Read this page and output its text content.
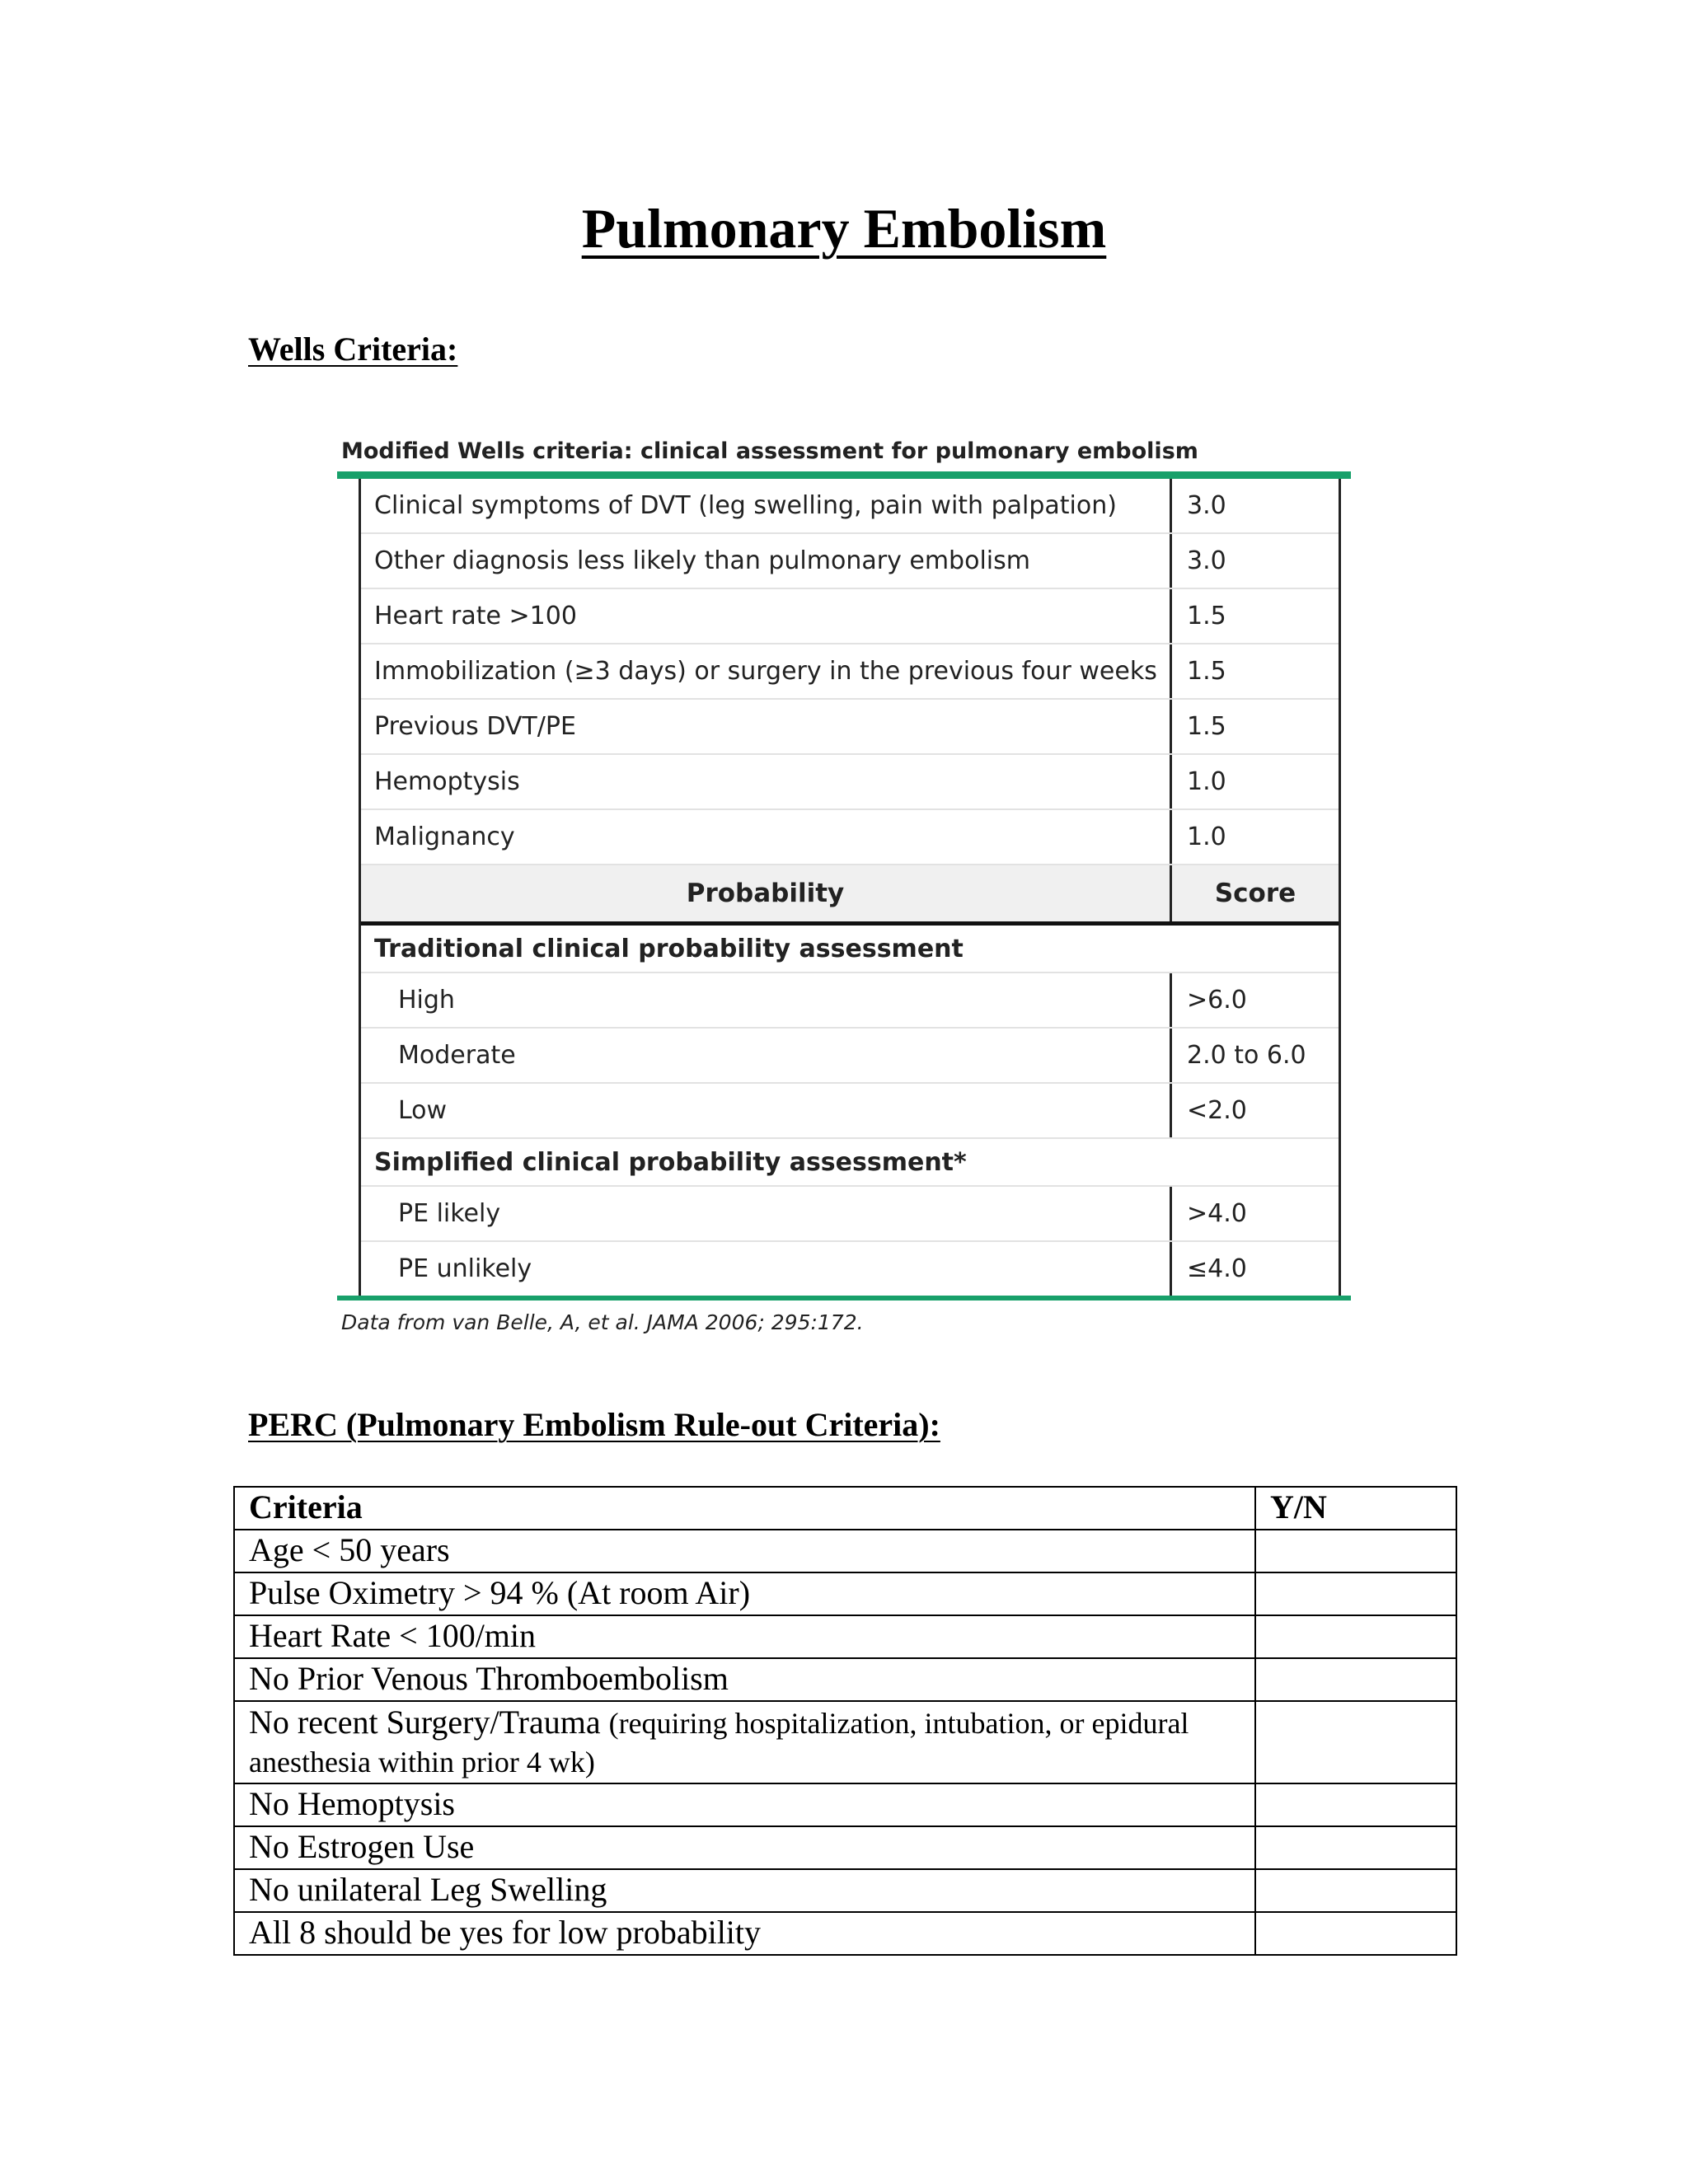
Pulmonary Embolism
Wells Criteria:
Modified Wells criteria: clinical assessment for pulmonary embolism
Clinical symptoms of DVT (leg swelling, pain with palpation)	3.0
Other diagnosis less likely than pulmonary embolism	3.0
Heart rate >100	1.5
Immobilization (≥3 days) or surgery in the previous four weeks	1.5
Previous DVT/PE	1.5
Hemoptysis	1.0
Malignancy	1.0
Probability	Score
Traditional clinical probability assessment
High	>6.0
Moderate	2.0 to 6.0
Low	<2.0
Simplified clinical probability assessment*
PE likely	>4.0
PE unlikely	≤4.0
Data from van Belle, A, et al. JAMA 2006; 295:172.
PERC (Pulmonary Embolism Rule-out Criteria):
Criteria	Y/N
Age < 50 years	
Pulse Oximetry > 94 % (At room Air)	
Heart Rate < 100/min	
No Prior Venous Thromboembolism	
No recent Surgery/Trauma (requiring hospitalization, intubation, or epidural anesthesia within prior 4 wk)	
No Hemoptysis	
No Estrogen Use	
No unilateral Leg Swelling	
All 8 should be yes for low probability	
